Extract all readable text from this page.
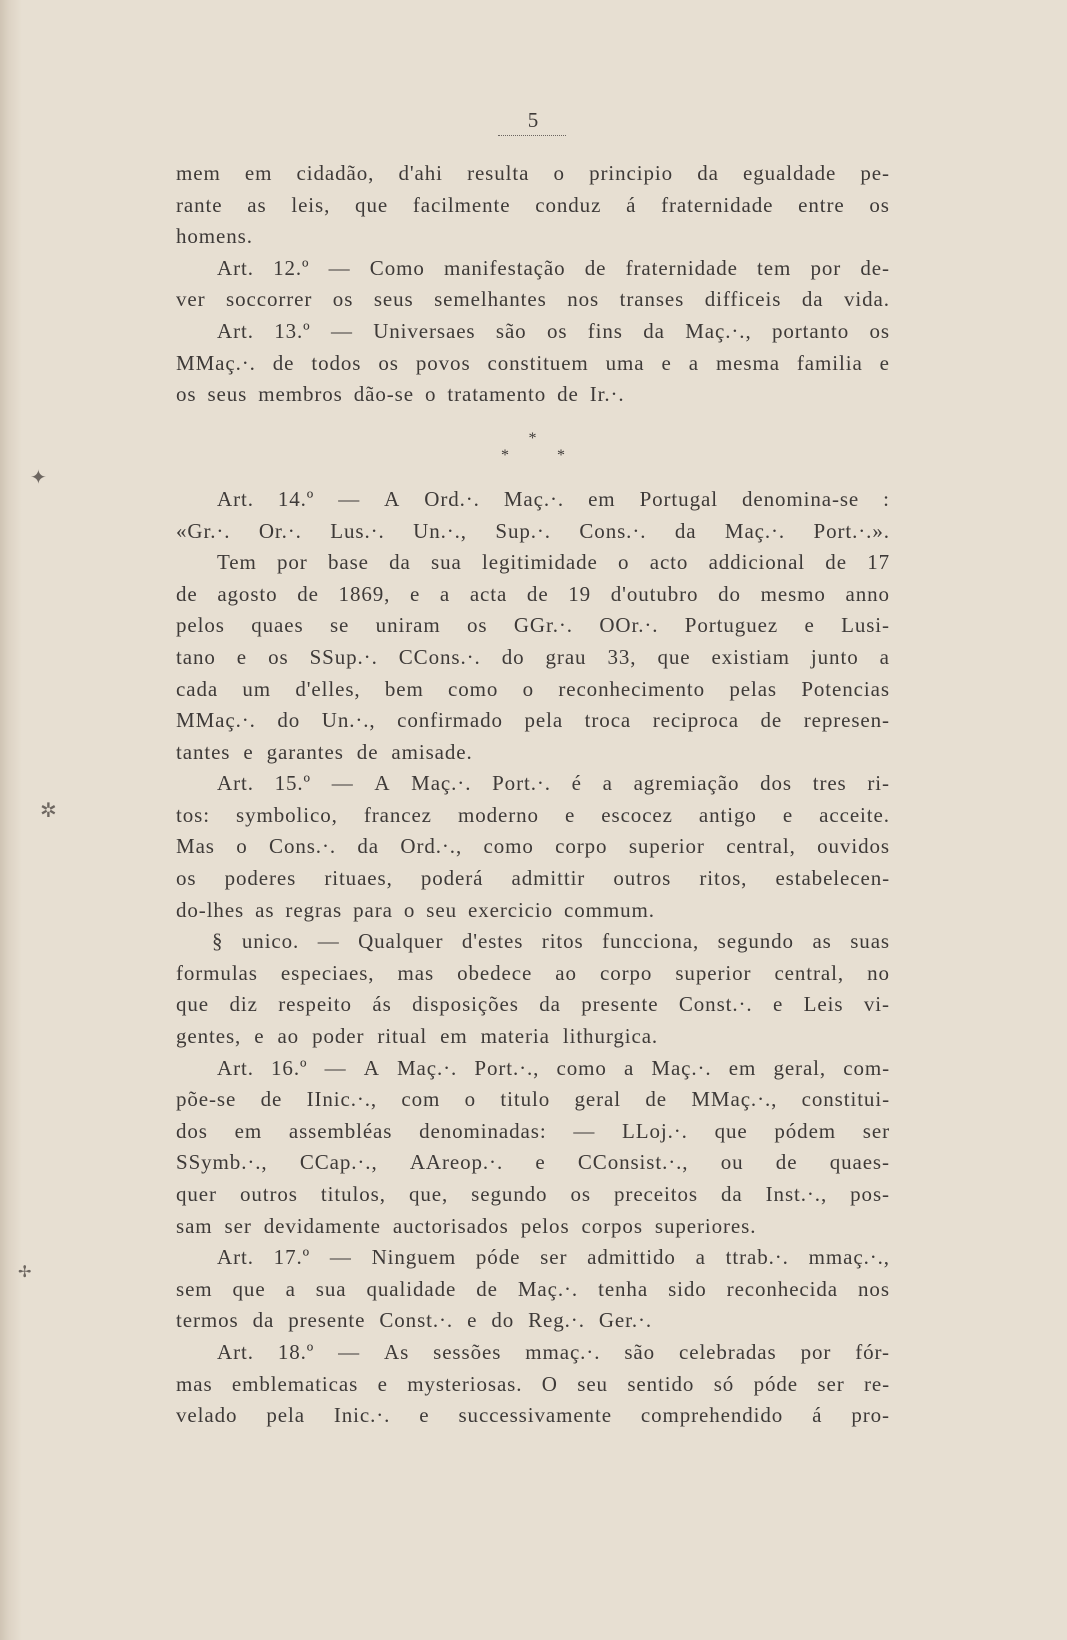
✦
✲
✢
5
mem em cidadão, d'ahi resulta o principio da egualdade pe-
rante as leis, que facilmente conduz á fraternidade entre os
homens.
Art. 12.º — Como manifestação de fraternidade tem por de-
ver soccorrer os seus semelhantes nos transes difficeis da vida.
Art. 13.º — Universaes são os fins da Maç.·., portanto os
MMaç.·. de todos os povos constituem uma e a mesma familia e
os seus membros dão-se o tratamento de Ir.·.
*
* *
Art. 14.º — A Ord.·. Maç.·. em Portugal denomina-se :
«Gr.·. Or.·. Lus.·. Un.·., Sup.·. Cons.·. da Maç.·. Port.·.».
Tem por base da sua legitimidade o acto addicional de 17
de agosto de 1869, e a acta de 19 d'outubro do mesmo anno
pelos quaes se uniram os GGr.·. OOr.·. Portuguez e Lusi-
tano e os SSup.·. CCons.·. do grau 33, que existiam junto a
cada um d'elles, bem como o reconhecimento pelas Potencias
MMaç.·. do Un.·., confirmado pela troca reciproca de represen-
tantes e garantes de amisade.
Art. 15.º — A Maç.·. Port.·. é a agremiação dos tres ri-
tos: symbolico, francez moderno e escocez antigo e acceite.
Mas o Cons.·. da Ord.·., como corpo superior central, ouvidos
os poderes rituaes, poderá admittir outros ritos, estabelecen-
do-lhes as regras para o seu exercicio commum.
§ unico. — Qualquer d'estes ritos funcciona, segundo as suas
formulas especiaes, mas obedece ao corpo superior central, no
que diz respeito ás disposições da presente Const.·. e Leis vi-
gentes, e ao poder ritual em materia lithurgica.
Art. 16.º — A Maç.·. Port.·., como a Maç.·. em geral, com-
põe-se de IInic.·., com o titulo geral de MMaç.·., constitui-
dos em assembléas denominadas: — LLoj.·. que pódem ser
SSymb.·., CCap.·., AAreop.·. e CConsist.·., ou de quaes-
quer outros titulos, que, segundo os preceitos da Inst.·., pos-
sam ser devidamente auctorisados pelos corpos superiores.
Art. 17.º — Ninguem póde ser admittido a ttrab.·. mmaç.·.,
sem que a sua qualidade de Maç.·. tenha sido reconhecida nos
termos da presente Const.·. e do Reg.·. Ger.·.
Art. 18.º — As sessões mmaç.·. são celebradas por fór-
mas emblematicas e mysteriosas. O seu sentido só póde ser re-
velado pela Inic.·. e successivamente comprehendido á pro-
